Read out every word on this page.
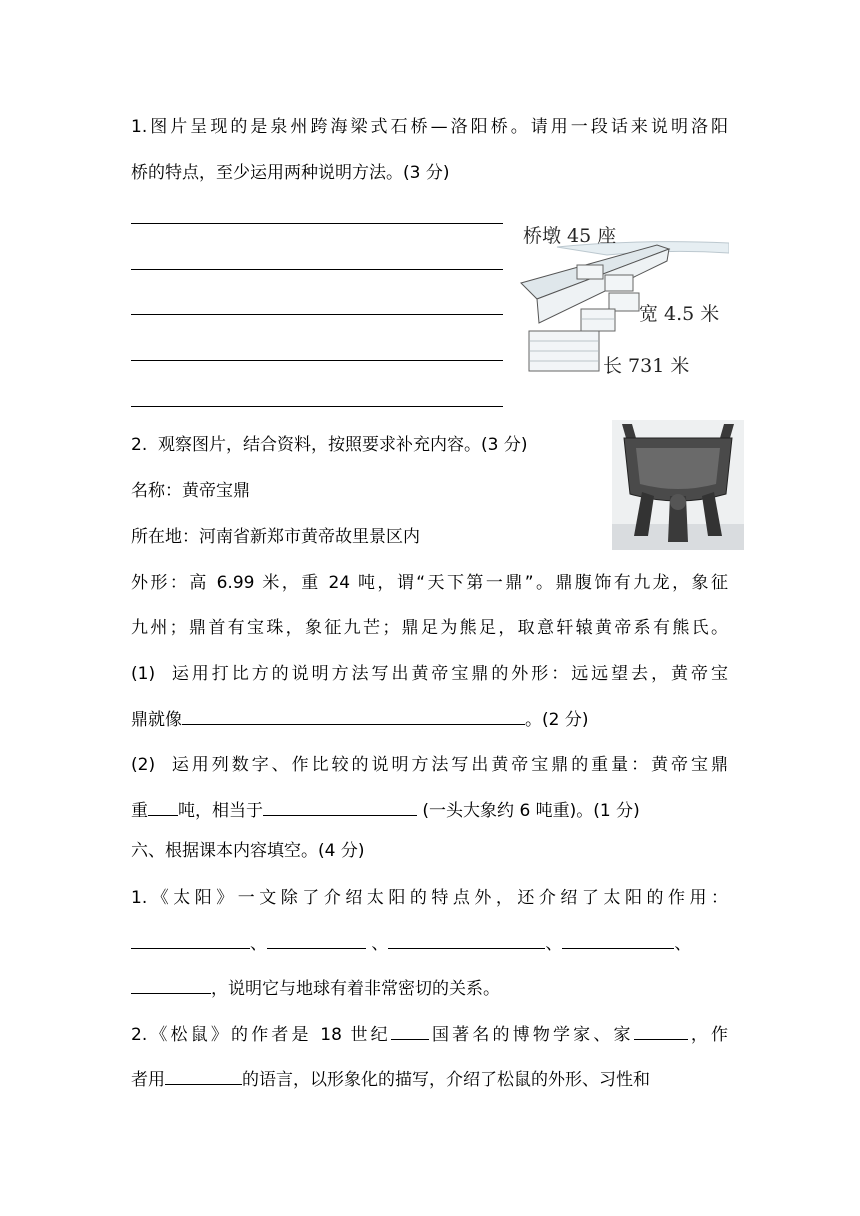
1.图片呈现的是泉州跨海梁式石桥—洛阳桥。请用一段话来说明洛阳
桥的特点，至少运用两种说明方法。(3 分)
桥墩 45 座
宽 4.5 米
长 731 米
2.  观察图片，结合资料，按照要求补充内容。(3 分)
名称：黄帝宝鼎
所在地：河南省新郑市黄帝故里景区内
外形：高 6.99 米，重 24 吨，谓“天下第一鼎”。鼎腹饰有九龙，象征
九州；鼎首有宝珠，象征九芒；鼎足为熊足，取意轩辕黄帝系有熊氏。
(1)  运用打比方的说明方法写出黄帝宝鼎的外形：远远望去，黄帝宝
鼎就像	。(2 分)
(2)  运用列数字、作比较的说明方法写出黄帝宝鼎的重量：黄帝宝鼎
重 吨，相当于	(一头大象约 6 吨重)。(1 分)
六、根据课本内容填空。(4 分)
1.《太阳》一文除了介绍太阳的特点外，还介绍了太阳的作用：
、	、	、	、
，说明它与地球有着非常密切的关系。
2.《松鼠》的作者是 18 世纪 国著名的博物学家、家	，作
者用	的语言，以形象化的描写，介绍了松鼠的外形、习性和
